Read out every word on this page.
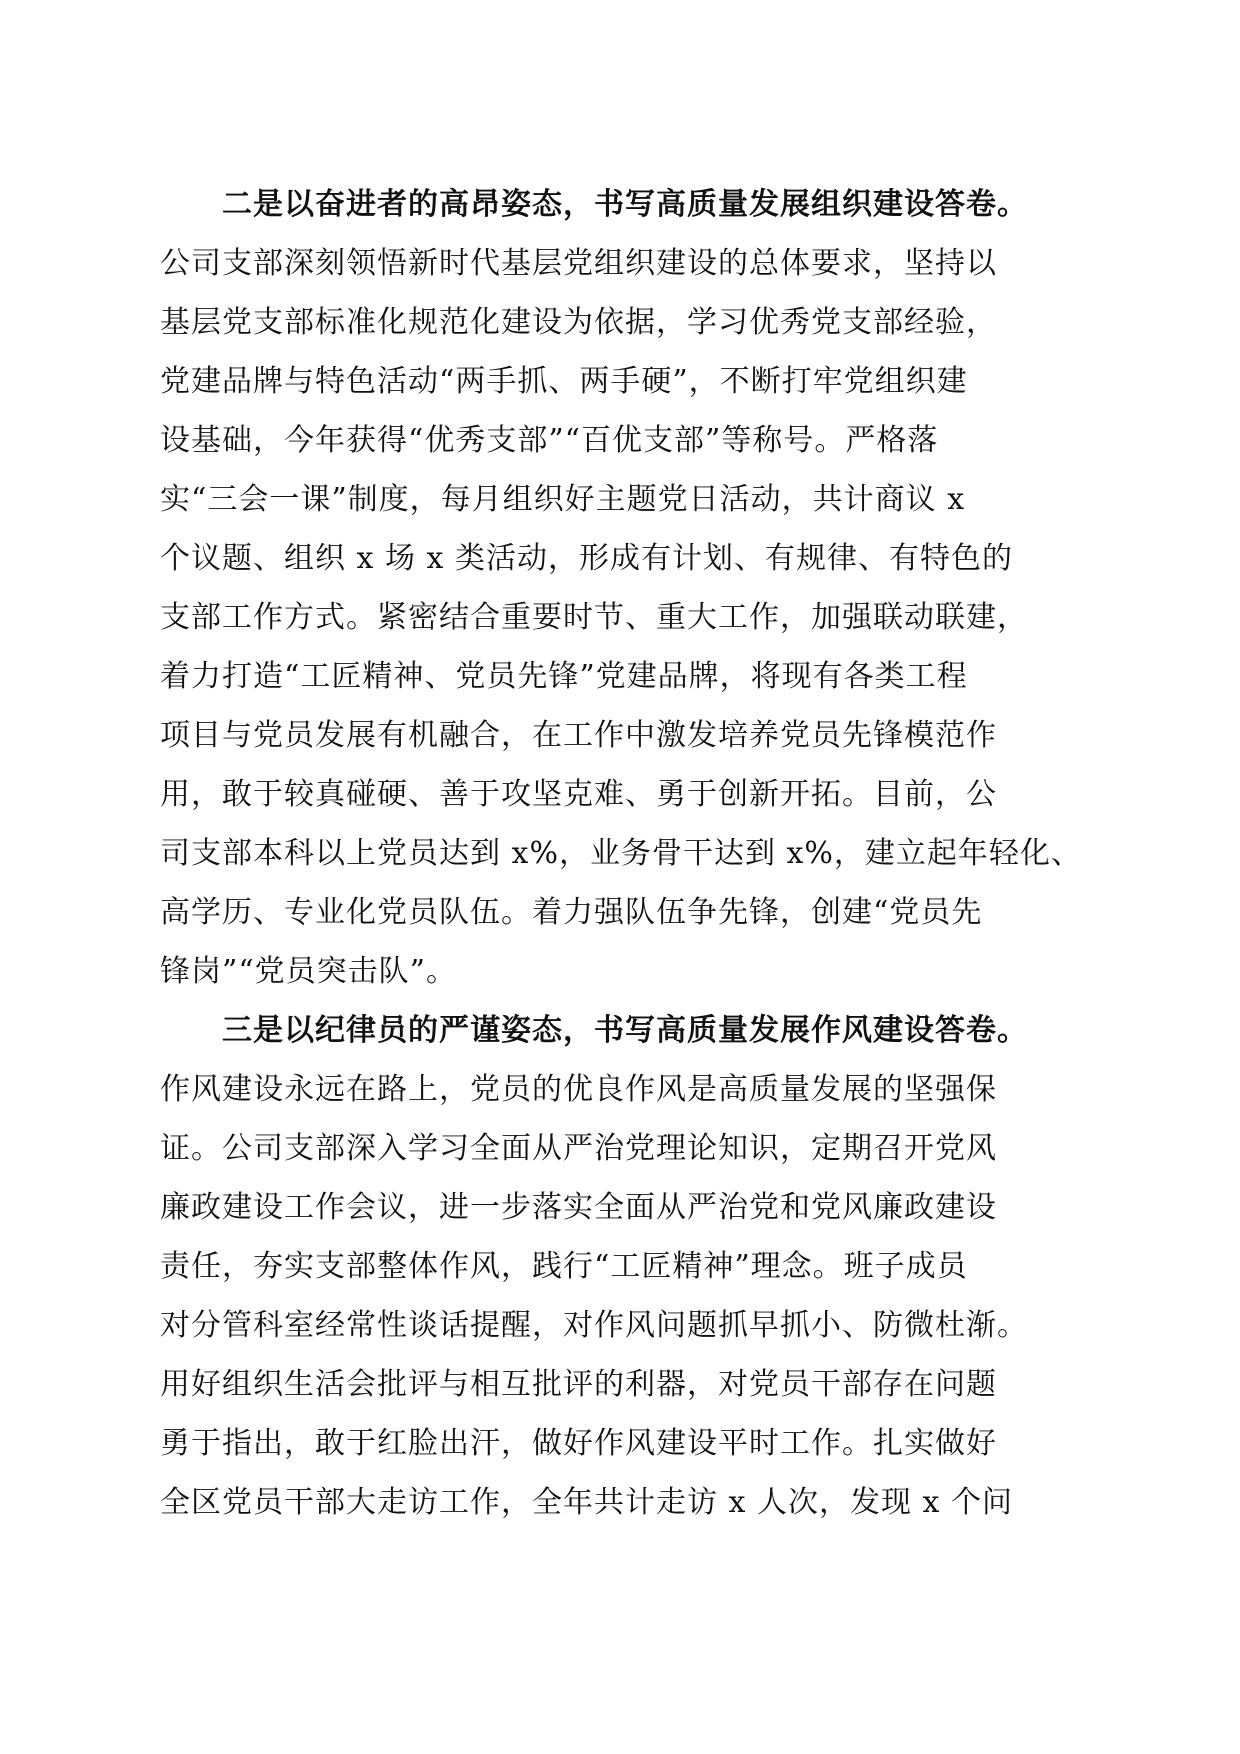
二是以奋进者的高昂姿态，书写高质量发展组织建设答卷。
公司支部深刻领悟新时代基层党组织建设的总体要求，坚持以
基层党支部标准化规范化建设为依据，学习优秀党支部经验，
党建品牌与特色活动“两手抓、两手硬”，不断打牢党组织建
设基础，今年获得“优秀支部”“百优支部”等称号。严格落
实“三会一课”制度，每月组织好主题党日活动，共计商议 x
个议题、组织 x 场 x 类活动，形成有计划、有规律、有特色的
支部工作方式。紧密结合重要时节、重大工作，加强联动联建，
着力打造“工匠精神、党员先锋”党建品牌，将现有各类工程
项目与党员发展有机融合，在工作中激发培养党员先锋模范作
用，敢于较真碰硬、善于攻坚克难、勇于创新开拓。目前，公
司支部本科以上党员达到 x%，业务骨干达到 x%，建立起年轻化、
高学历、专业化党员队伍。着力强队伍争先锋，创建“党员先
锋岗”“党员突击队”。
三是以纪律员的严谨姿态，书写高质量发展作风建设答卷。
作风建设永远在路上，党员的优良作风是高质量发展的坚强保
证。公司支部深入学习全面从严治党理论知识，定期召开党风
廉政建设工作会议，进一步落实全面从严治党和党风廉政建设
责任，夯实支部整体作风，践行“工匠精神”理念。班子成员
对分管科室经常性谈话提醒，对作风问题抓早抓小、防微杜渐。
用好组织生活会批评与相互批评的利器，对党员干部存在问题
勇于指出，敢于红脸出汗，做好作风建设平时工作。扎实做好
全区党员干部大走访工作，全年共计走访 x 人次，发现 x 个问
